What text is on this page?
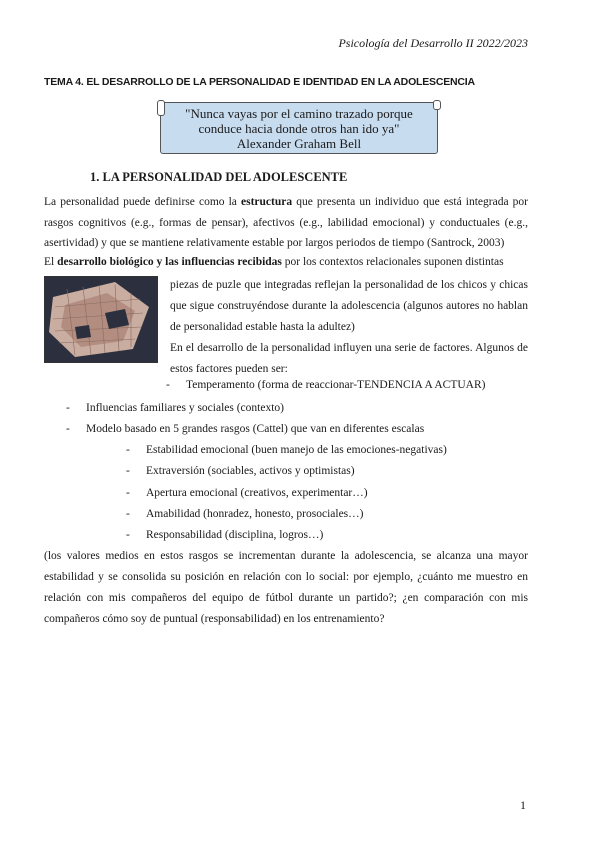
Psicología del Desarrollo II 2022/2023
TEMA 4. EL DESARROLLO DE LA PERSONALIDAD E IDENTIDAD EN LA ADOLESCENCIA
"Nunca vayas por el camino trazado porque
conduce hacia donde otros han ido ya"
Alexander Graham Bell
1. LA PERSONALIDAD DEL ADOLESCENTE
La personalidad puede definirse como la estructura que presenta un individuo que está integrada por rasgos cognitivos (e.g., formas de pensar), afectivos (e.g., labilidad emocional) y conductuales (e.g., asertividad) y que se mantiene relativamente estable por largos periodos de tiempo (Santrock, 2003)
El desarrollo biológico y las influencias recibidas por los contextos relacionales suponen distintas
piezas de puzle que integradas reflejan la personalidad de los chicos y chicas que sigue construyéndose durante la adolescencia (algunos autores no hablan de personalidad estable hasta la adultez)
En el desarrollo de la personalidad influyen una serie de factores. Algunos de estos factores pueden ser:
- Temperamento (forma de reaccionar-TENDENCIA A ACTUAR)
- Influencias familiares y sociales (contexto)
- Modelo basado en 5 grandes rasgos (Cattel) que van en diferentes escalas
- Estabilidad emocional (buen manejo de las emociones-negativas)
- Extraversión (sociables, activos y optimistas)
- Apertura emocional (creativos, experimentar…)
- Amabilidad (honradez, honesto, prosociales…)
- Responsabilidad (disciplina, logros…)
(los valores medios en estos rasgos se incrementan durante la adolescencia, se alcanza una mayor estabilidad y se consolida su posición en relación con lo social: por ejemplo, ¿cuánto me muestro en relación con mis compañeros del equipo de fútbol durante un partido?; ¿en comparación con mis compañeros cómo soy de puntual (responsabilidad) en los entrenamiento?
1
